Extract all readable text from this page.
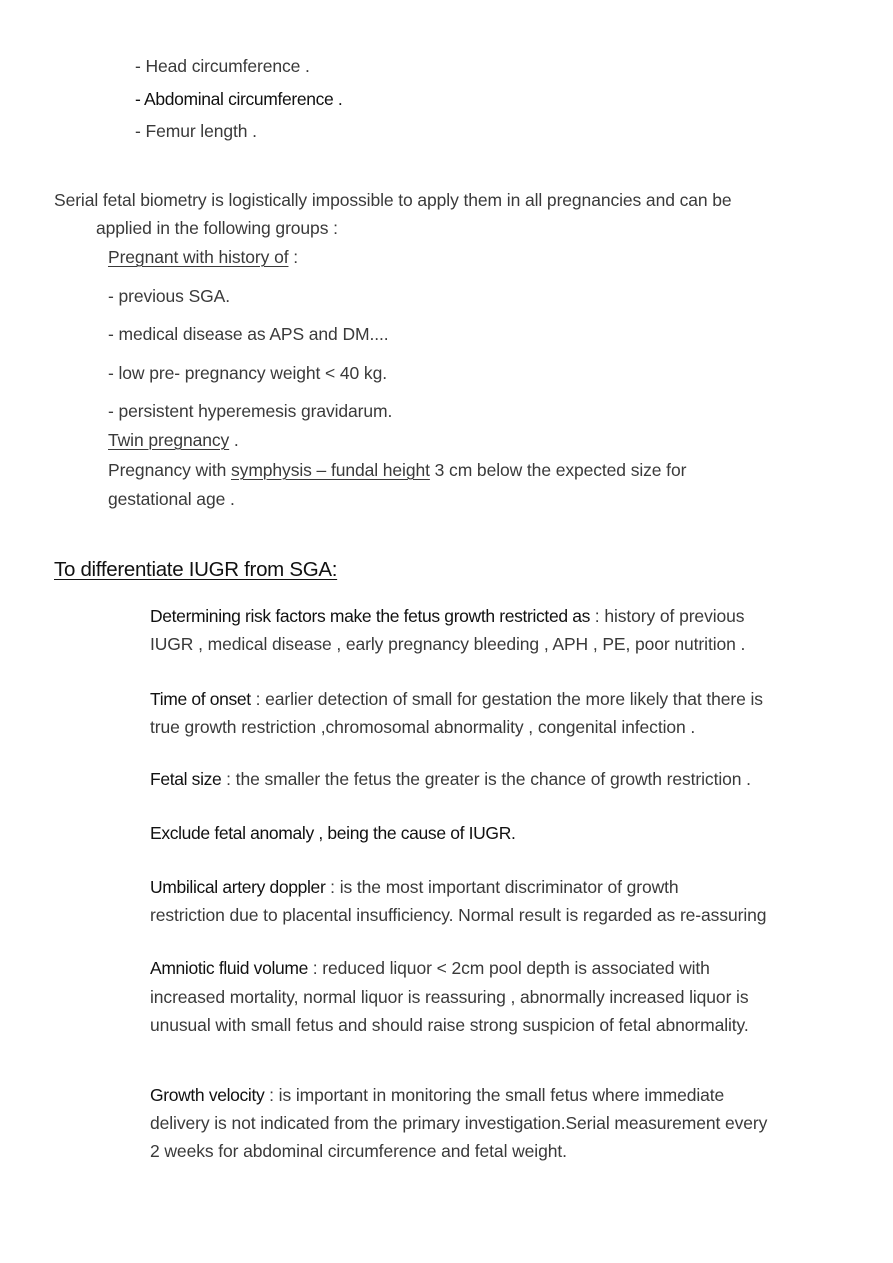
- Head circumference .

- Abdominal circumference .

- Femur length .

Serial fetal biometry is logistically impossible to apply them in all pregnancies and can be

applied in the following groups :

Pregnant with history of :

- previous SGA.

- medical disease as APS and DM....

- low pre- pregnancy weight < 40 kg.

- persistent hyperemesis gravidarum.

Twin pregnancy .

Pregnancy with symphysis – fundal height 3 cm below the expected size for

gestational age .

To differentiate IUGR from SGA:

Determining risk factors make the fetus growth restricted as : history of previous

IUGR , medical disease , early pregnancy bleeding , APH , PE, poor nutrition .

Time of onset : earlier detection of small for gestation the more likely that there is

true growth restriction ,chromosomal abnormality , congenital infection .

Fetal size : the smaller the fetus the greater is the chance of growth restriction .

Exclude fetal anomaly , being the cause of IUGR.

Umbilical artery doppler : is the most important discriminator of growth

restriction due to placental insufficiency. Normal result is regarded as re-assuring

Amniotic fluid volume : reduced liquor < 2cm pool depth is associated with

increased mortality, normal liquor is reassuring , abnormally increased liquor is

unusual with small fetus and should raise strong suspicion of fetal abnormality.

Growth velocity : is important in monitoring the small fetus where immediate

delivery is not indicated from the primary investigation.Serial measurement every

2 weeks for abdominal circumference and fetal weight.
